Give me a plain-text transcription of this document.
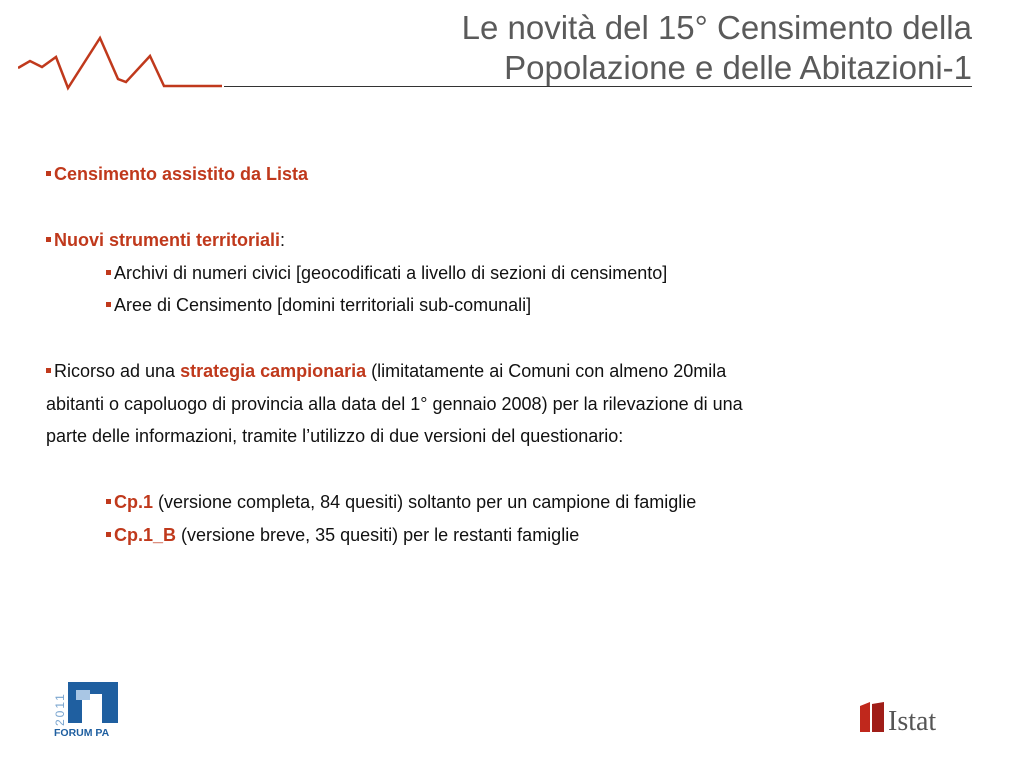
Le novità del 15° Censimento della
Popolazione e delle Abitazioni-1
Censimento assistito da Lista
Nuovi strumenti territoriali:
Archivi di numeri civici [geocodificati a livello di sezioni di censimento]
Aree di Censimento [domini territoriali sub-comunali]
Ricorso ad una strategia campionaria (limitatamente ai Comuni con almeno 20mila
abitanti o capoluogo di provincia alla data del 1° gennaio 2008) per la rilevazione di una
parte delle informazioni, tramite l’utilizzo di due versioni del questionario:
Cp.1 (versione completa, 84 quesiti) soltanto per un campione di famiglie
Cp.1_B (versione breve, 35 quesiti) per le restanti famiglie
2011
FORUM PA	Istat
